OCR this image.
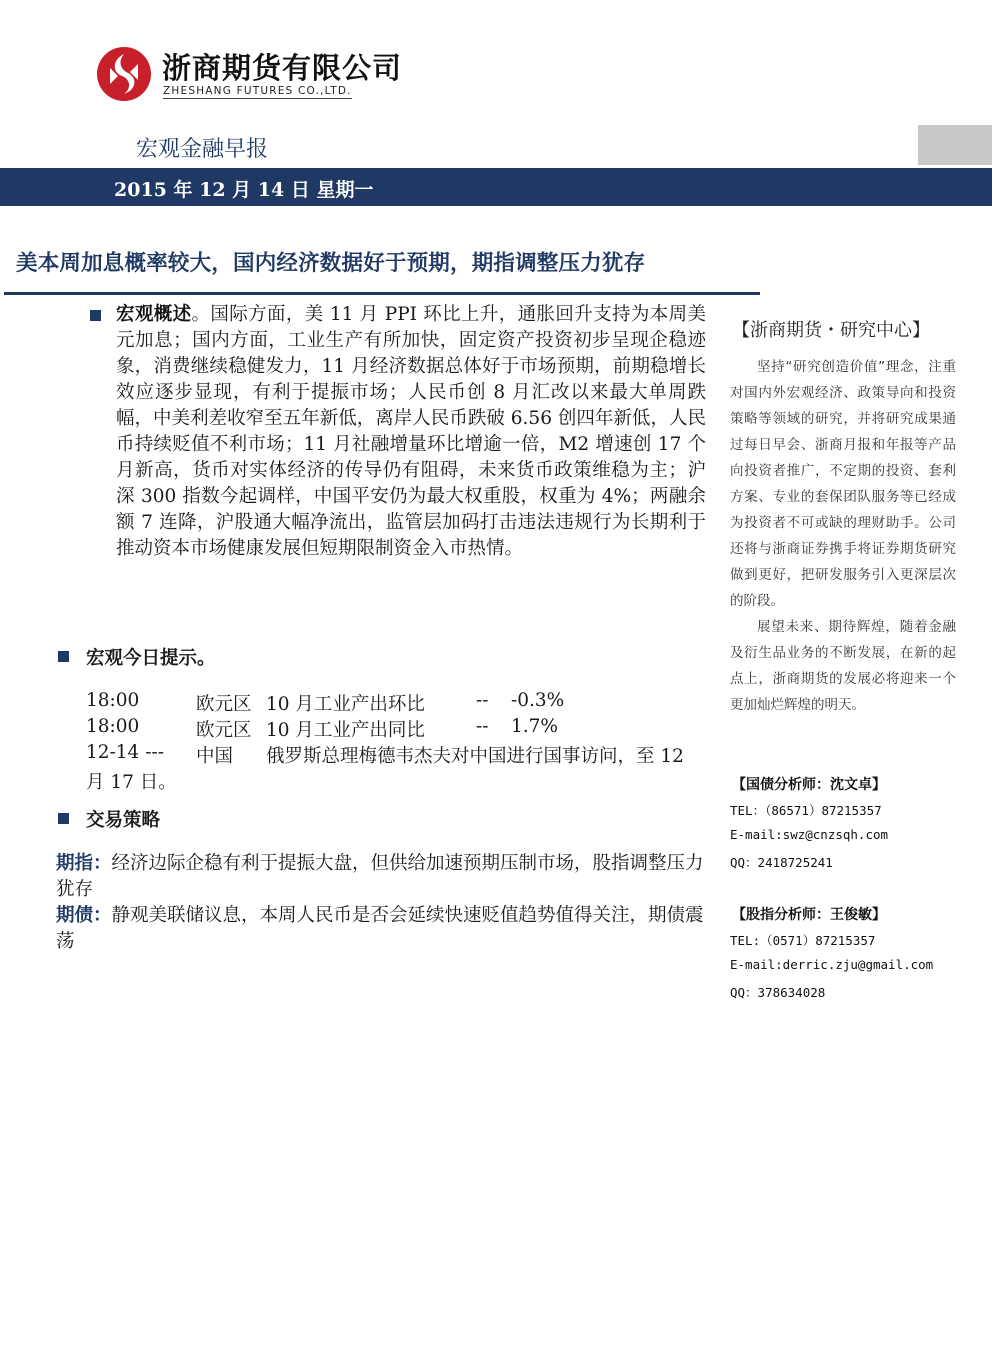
浙商期货有限公司
ZHESHANG FUTURES CO.,LTD.
宏观金融早报
2015 年 12 月 14 日 星期一
美本周加息概率较大，国内经济数据好于预期，期指调整压力犹存
宏观概述。国际方面，美 11 月 PPI 环比上升，通胀回升支持为本周美元加息；国内方面，工业生产有所加快，固定资产投资初步呈现企稳迹象，消费继续稳健发力，11 月经济数据总体好于市场预期，前期稳增长效应逐步显现，有利于提振市场；人民币创 8 月汇改以来最大单周跌幅，中美利差收窄至五年新低，离岸人民币跌破 6.56 创四年新低，人民币持续贬值不利市场；11 月社融增量环比增逾一倍，M2 增速创 17 个月新高，货币对实体经济的传导仍有阻碍，未来货币政策维稳为主；沪深 300 指数今起调样，中国平安仍为最大权重股，权重为 4%；两融余额 7 连降，沪股通大幅净流出，监管层加码打击违法违规行为长期利于推动资本市场健康发展但短期限制资金入市热情。
宏观今日提示。
18:00	欧元区 10 月工业产出环比	-- -0.3%
18:00	欧元区 10 月工业产出同比	-- 1.7%
12-14 --- 中国 俄罗斯总理梅德韦杰夫对中国进行国事访问，至 12
月 17 日。
交易策略
期指：经济边际企稳有利于提振大盘，但供给加速预期压制市场，股指调整压力犹存
期债：静观美联储议息，本周人民币是否会延续快速贬值趋势值得关注，期债震荡
【浙商期货・研究中心】
坚持“研究创造价值”理念，注重对国内外宏观经济、政策导向和投资策略等领域的研究，并将研究成果通过每日早会、浙商月报和年报等产品向投资者推广，不定期的投资、套利方案、专业的套保团队服务等已经成为投资者不可或缺的理财助手。公司还将与浙商证券携手将证券期货研究做到更好，把研发服务引入更深层次的阶段。
展望未来、期待辉煌，随着金融及衍生品业务的不断发展，在新的起点上，浙商期货的发展必将迎来一个更加灿烂辉煌的明天。
【国债分析师：沈文卓】
TEL：（86571）87215357
E-mail:swz@cnzsqh.com
QQ：2418725241
【股指分析师：王俊敏】
TEL:（0571）87215357
E-mail:derric.zju@gmail.com
QQ：378634028
